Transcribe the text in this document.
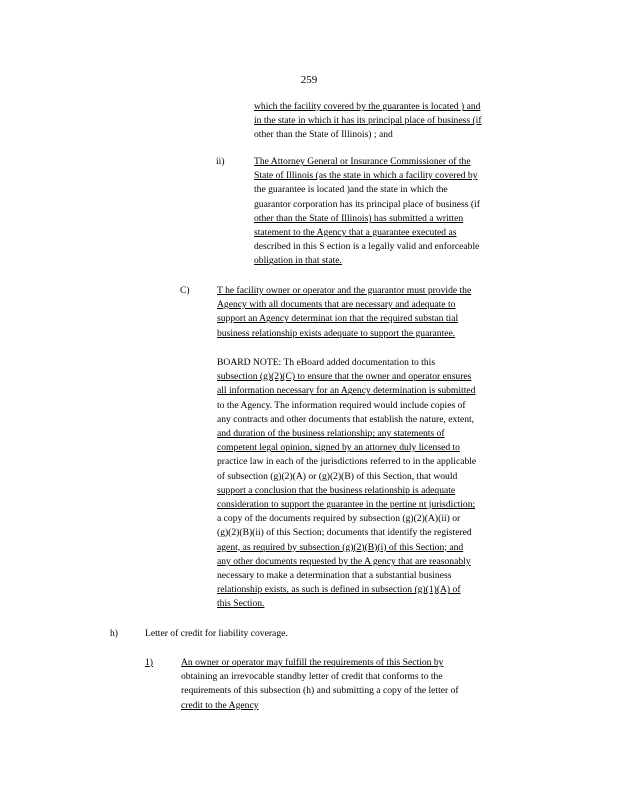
259
which the facility covered by the guarantee is located ) and
in the state in which it has its principal place of business (if
other than the State of Illinois) ; and
ii)	The Attorney General or Insurance Commissioner of the
State of Illinois (as the state in which a facility covered by
the guarantee is located )and the state in which the
guarantor corporation has its principal place of business (if
other than the State of Illinois) has submitted a written
statement to the Agency that a guarantee executed as
described in this S ection is a legally valid and enforceable
obligation in that state.
C)	T he facility owner or operator and the guarantor must provide the
Agency with all documents that are necessary and adequate to
support an Agency determinat ion that the required substan tial
business relationship exists adequate to support the guarantee.
BOARD NOTE: Th eBoard added documentation to this
subsection (g)(2)(C) to ensure that the owner and operator ensures
all information necessary for an Agency determination is submitted
to the Agency. The information required would include copies of
any contracts and other documents that establish the nature, extent,
and duration of the business relationship; any statements of
competent legal opinion, signed by an attorney duly licensed to
practice law in each of the jurisdictions referred to in the applicable
of subsection (g)(2)(A) or (g)(2)(B) of this Section, that would
support a conclusion that the business relationship is adequate
consideration to support the guarantee in the pertine nt jurisdiction;
a copy of the documents required by subsection (g)(2)(A)(ii) or
(g)(2)(B)(ii) of this Section; documents that identify the registered
agent, as required by subsection (g)(2)(B)(i) of this Section; and
any other documents requested by the A gency that are reasonably
necessary to make a determination that a substantial business
relationship exists, as such is defined in subsection (g)(1)(A) of
this Section.
h)	Letter of credit for liability coverage.
1)	An owner or operator may fulfill the requirements of this Section by
obtaining an irrevocable standby letter of credit that conforms to the
requirements of this subsection (h) and submitting a copy of the letter of
credit to the Agency
